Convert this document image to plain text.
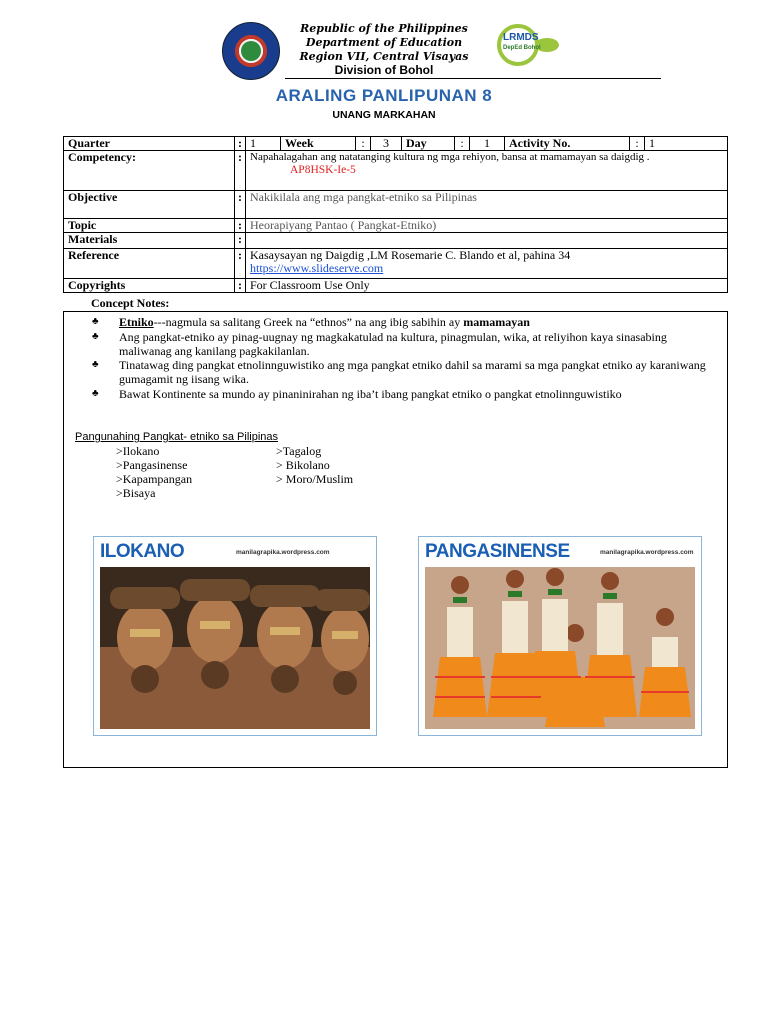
LRMDS
DepEd Bohol
Republic of the Philippines
Department of Education
Region VII, Central Visayas
Division of Bohol
ARALING PANLIPUNAN 8
UNANG MARKAHAN
Quarter	:	1	Week	:	3	Day	:	1	Activity No.	:	1

Competency:	:	Napahalagahan ang natatanging kultura ng mga rehiyon, bansa at mamamayan sa daigdig . AP8HSK-Ie-5
Objective	:	Nakikilala ang mga pangkat-etniko sa Pilipinas
Topic	:	Heorapiyang Pantao ( Pangkat-Etniko)
Materials	:	
Reference	:	Kasaysayan ng Daigdig ,LM Rosemarie C. Blando et al, pahina 34
https://www.slideserve.com

Copyrights	:	For Classroom Use Only
Concept Notes:
♣	Etniko---nagmula sa salitang Greek na “ethnos” na ang ibig sabihin ay mamamayan
♣	Ang pangkat-etniko ay pinag-uugnay ng magkakatulad na kultura, pinagmulan, wika, at reliyihon kaya sinasabing maliwanag ang kanilang pagkakilanlan.
♣	Tinatawag ding pangkat etnolinnguwistiko ang mga pangkat etniko dahil sa marami sa mga pangkat etniko ay karaniwang gumagamit ng iisang wika.
♣	Bawat Kontinente sa mundo ay pinaninirahan ng iba’t ibang pangkat etniko o pangkat etnolinnguwistiko
Pangunahing Pangkat- etniko sa Pilipinas
>Ilokano
>Pangasinense
>Kapampangan
>Bisaya
>Tagalog
> Bikolano
> Moro/Muslim
ILOKANO	manilagrapika.wordpress.com	PANGASINENSE	manilagrapika.wordpress.com
